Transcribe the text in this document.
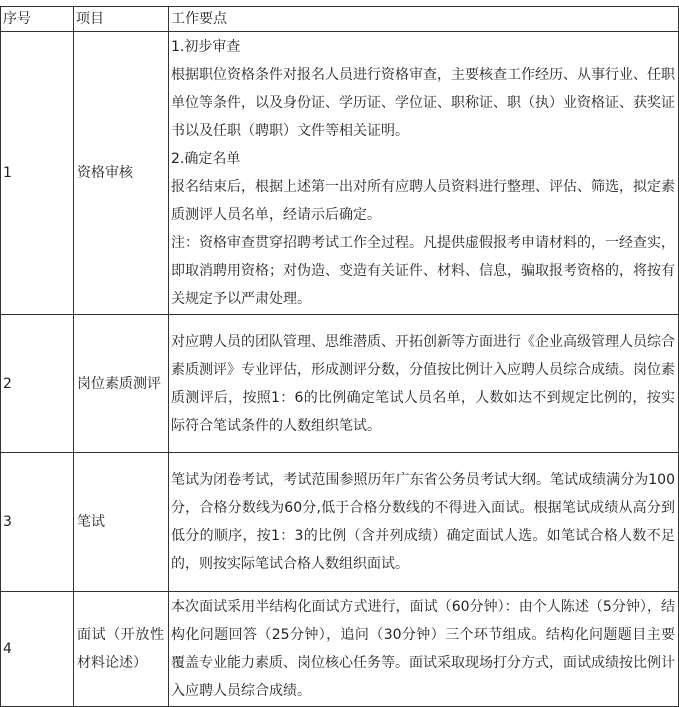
序号	项目	工作要点

1	资格审核	1.初步审查

根据职位资格条件对报名人员进行资格审查，主要核查工作经历、从事行业、任职单位等条件，以及身份证、学历证、学位证、职称证、职（执）业资格证、获奖证书以及任职（聘职）文件等相关证明。

2.确定名单

报名结束后，根据上述第一出对所有应聘人员资料进行整理、评估、筛选，拟定素质测评人员名单，经请示后确定。

注：资格审查贯穿招聘考试工作全过程。凡提供虚假报考申请材料的，一经查实，即取消聘用资格；对伪造、变造有关证件、材料、信息，骗取报考资格的，将按有关规定予以严肃处理。

2	岗位素质测评	对应聘人员的团队管理、思维潜质、开拓创新等方面进行《企业高级管理人员综合素质测评》专业评估，形成测评分数，分值按比例计入应聘人员综合成绩。岗位素质测评后，按照1：6的比例确定笔试人员名单，人数如达不到规定比例的，按实际符合笔试条件的人数组织笔试。

3	笔试	笔试为闭卷考试，考试范围参照历年广东省公务员考试大纲。笔试成绩满分为100分，合格分数线为60分,低于合格分数线的不得进入面试。根据笔试成绩从高分到低分的顺序，按1：3的比例（含并列成绩）确定面试人选。如笔试合格人数不足的，则按实际笔试合格人数组织面试。

4	面试（开放性材料论述）	本次面试采用半结构化面试方式进行，面试（60分钟）：由个人陈述（5分钟），结构化问题回答（25分钟），追问（30分钟）三个环节组成。结构化问题题目主要覆盖专业能力素质、岗位核心任务等。面试采取现场打分方式，面试成绩按比例计入应聘人员综合成绩。
